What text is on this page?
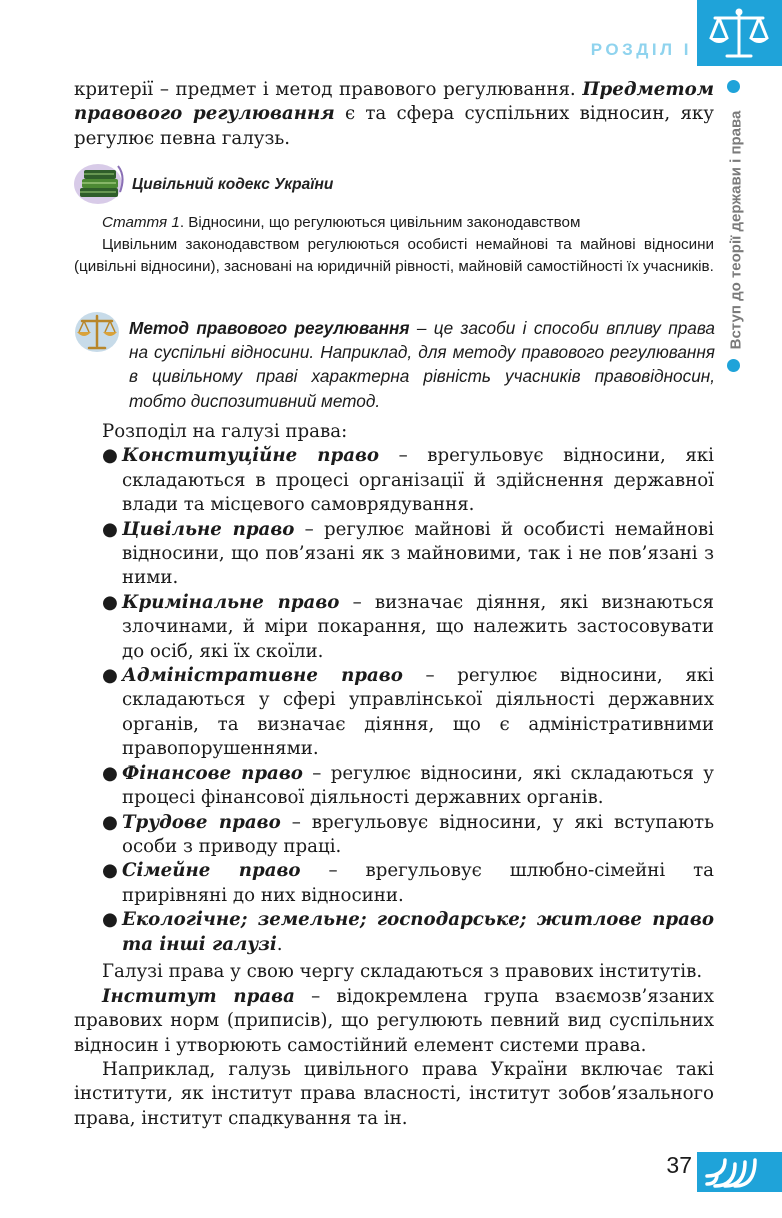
РОЗДІЛ І
Вступ до теорії держави і права
критерії – предмет і метод правового регулювання. Предметом правового регулювання є та сфера суспільних відносин, яку регулює певна галузь.
Цивільний кодекс України
Стаття 1. Відносини, що регулюються цивільним законодавством
Цивільним законодавством регулюються особисті немайнові та майнові відносини (цивільні відносини), засновані на юридичній рівності, майновій самостійності їх учасників.
Метод правового регулювання – це засоби і способи впливу права на суспільні відносини. Наприклад, для методу правового регулювання в цивільному праві характерна рівність учасників правовідносин, тобто диспозитивний метод.
Розподіл на галузі права:
● Конституційне право – врегульовує відносини, які складаються в процесі організації й здійснення державної влади та місцевого самоврядування.
● Цивільне право – регулює майнові й особисті немайнові відносини, що пов’язані як з майновими, так і не пов’язані з ними.
● Кримінальне право – визначає діяння, які визнаються злочинами, й міри покарання, що належить застосовувати до осіб, які їх скоїли.
● Адміністративне право – регулює відносини, які складаються у сфері управлінської діяльності державних органів, та визначає діяння, що є адміністративними правопорушеннями.
● Фінансове право – регулює відносини, які складаються у процесі фінансової діяльності державних органів.
● Трудове право – врегульовує відносини, у які вступають особи з приводу праці.
● Сімейне право – врегульовує шлюбно-сімейні та прирівняні до них відносини.
● Екологічне; земельне; господарське; житлове право та інші галузі.
Галузі права у свою чергу складаються з правових інститутів.
Інститут права – відокремлена група взаємозв’язаних правових норм (приписів), що регулюють певний вид суспільних відносин і утворюють самостійний елемент системи права.
Наприклад, галузь цивільного права України включає такі інститути, як інститут права власності, інститут зобов’язального права, інститут спадкування та ін.
37
